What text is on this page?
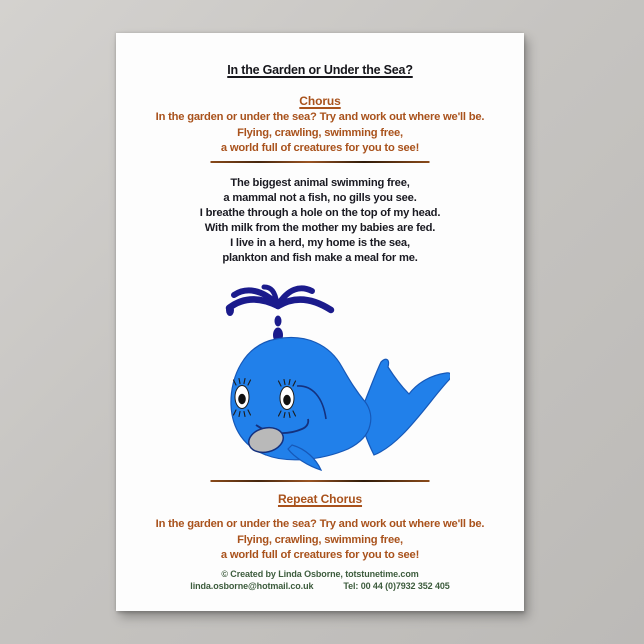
In the Garden or Under the Sea?
Chorus
In the garden or under the sea? Try and work out where we'll be.
Flying, crawling, swimming free,
a world full of creatures for you to see!
The biggest animal swimming free,
a mammal not a fish, no gills you see.
I breathe through a hole on the top of my head.
With milk from the mother my babies are fed.
I live in a herd, my home is the sea,
plankton and fish make a meal for me.
Repeat Chorus
In the garden or under the sea? Try and work out where we'll be.
Flying, crawling, swimming free,
a world full of creatures for you to see!
© Created by Linda Osborne, totstunetime.com
linda.osborne@hotmail.co.uk	Tel: 00 44 (0)7932 352 405
